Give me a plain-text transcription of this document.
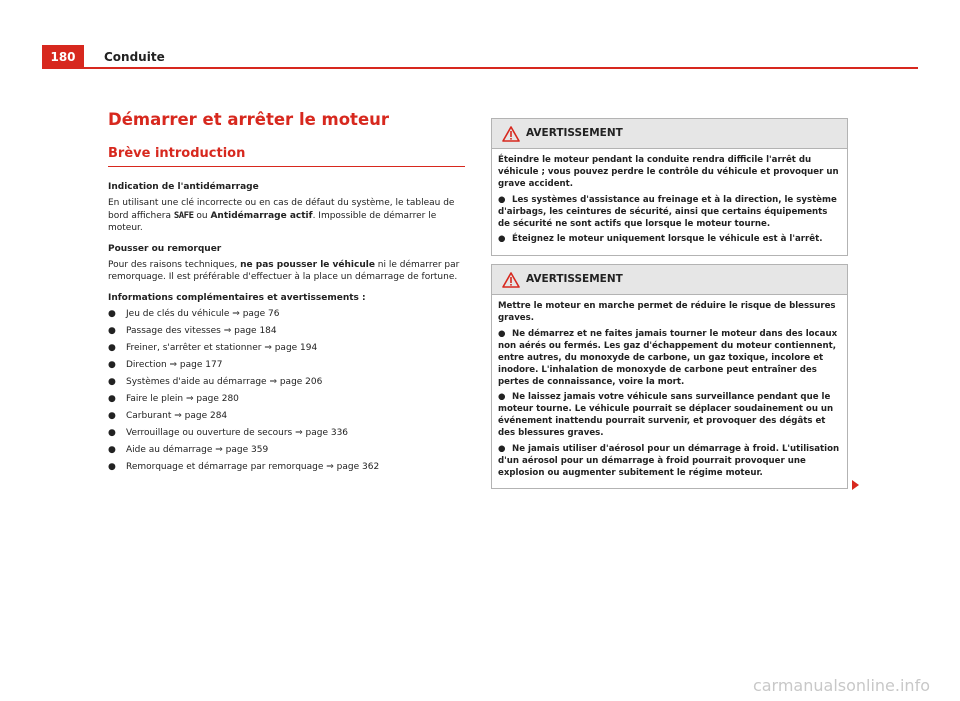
180	Conduite
Démarrer et arrêter le moteur
Brève introduction
Indication de l'antidémarrage

En utilisant une clé incorrecte ou en cas de défaut du système, le tableau de bord affichera SAFE ou Antidémarrage actif. Impossible de démarrer le moteur.

Pousser ou remorquer

Pour des raisons techniques, ne pas pousser le véhicule ni le démarrer par remorquage. Il est préférable d'effectuer à la place un démarrage de fortune.

Informations complémentaires et avertissements :
● Jeu de clés du véhicule ⇒ page 76
● Passage des vitesses ⇒ page 184
● Freiner, s'arrêter et stationner ⇒ page 194
● Direction ⇒ page 177
● Systèmes d'aide au démarrage ⇒ page 206
● Faire le plein ⇒ page 280
● Carburant ⇒ page 284
● Verrouillage ou ouverture de secours ⇒ page 336
● Aide au démarrage ⇒ page 359
● Remorquage et démarrage par remorquage ⇒ page 362
AVERTISSEMENT

Éteindre le moteur pendant la conduite rendra difficile l'arrêt du véhicule ; vous pouvez perdre le contrôle du véhicule et provoquer un grave accident.

● Les systèmes d'assistance au freinage et à la direction, le système d'airbags, les ceintures de sécurité, ainsi que certains équipements de sécurité ne sont actifs que lorsque le moteur tourne.

● Éteignez le moteur uniquement lorsque le véhicule est à l'arrêt.

AVERTISSEMENT

Mettre le moteur en marche permet de réduire le risque de blessures graves.

● Ne démarrez et ne faites jamais tourner le moteur dans des locaux non aérés ou fermés. Les gaz d'échappement du moteur contiennent, entre autres, du monoxyde de carbone, un gaz toxique, incolore et inodore. L'inhalation de monoxyde de carbone peut entraîner des pertes de connaissance, voire la mort.

● Ne laissez jamais votre véhicule sans surveillance pendant que le moteur tourne. Le véhicule pourrait se déplacer soudainement ou un événement inattendu pourrait survenir, et provoquer des dégâts et des blessures graves.

● Ne jamais utiliser d'aérosol pour un démarrage à froid. L'utilisation d'un aérosol pour un démarrage à froid pourrait provoquer une explosion ou augmenter subitement le régime moteur.

carmanualsonline.info
